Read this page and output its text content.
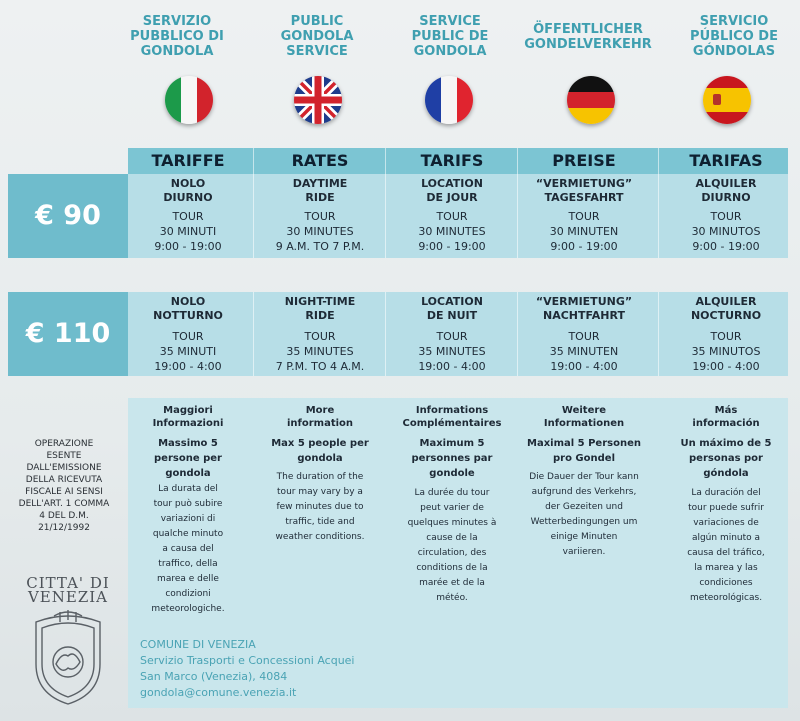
SERVIZIO
PUBBLICO DI
GONDOLA
PUBLIC
GONDOLA
SERVICE
SERVICE
PUBLIC DE
GONDOLA
ÖFFENTLICHER
GONDELVERKEHR
SERVICIO
PÚBLICO DE
GÓNDOLAS
€ 90
€ 110
TARIFFE
NOLO
DIURNO
TOUR
30 MINUTI
9:00 - 19:00
NOLO
NOTTURNO
TOUR
35 MINUTI
19:00 - 4:00
Maggiori
Informazioni
Massimo 5
persone per
gondola
La durata del
tour può subire
variazioni di
qualche minuto
a causa del
traffico, della
marea e delle
condizioni
meteorologiche.
RATES
DAYTIME
RIDE
TOUR
30 MINUTES
9 A.M. TO 7 P.M.
NIGHT-TIME
RIDE
TOUR
35 MINUTES
7 P.M. TO 4 A.M.
More
information
Max 5 people per
gondola
The duration of the
tour may vary by a
few minutes due to
traffic, tide and
weather conditions.
TARIFS
LOCATION
DE JOUR
TOUR
30 MINUTES
9:00 - 19:00
LOCATION
DE NUIT
TOUR
35 MINUTES
19:00 - 4:00
Informations
Complémentaires
Maximum 5
personnes par
gondole
La durée du tour
peut varier de
quelques minutes à
cause de la
circulation, des
conditions de la
marée et de la
météo.
PREISE
“VERMIETUNG”
TAGESFAHRT
TOUR
30 MINUTEN
9:00 - 19:00
“VERMIETUNG”
NACHTFAHRT
TOUR
35 MINUTEN
19:00 - 4:00
Weitere
Informationen
Maximal 5 Personen
pro Gondel
Die Dauer der Tour kann
aufgrund des Verkehrs,
der Gezeiten und
Wetterbedingungen um
einige Minuten
variieren.
TARIFAS
ALQUILER
DIURNO
TOUR
30 MINUTOS
9:00 - 19:00
ALQUILER
NOCTURNO
TOUR
35 MINUTOS
19:00 - 4:00
Más
información
Un máximo de 5
personas por
góndola
La duración del
tour puede sufrir
variaciones de
algún minuto a
causa del tráfico,
la marea y las
condiciones
meteorológicas.
OPERAZIONE
ESENTE
DALL'EMISSIONE
DELLA RICEVUTA
FISCALE AI SENSI
DELL'ART. 1 COMMA
4 DEL D.M.
21/12/1992
CITTA' DI
VENEZIA
COMUNE DI VENEZIA
Servizio Trasporti e Concessioni Acquei
San Marco (Venezia), 4084
gondola@comune.venezia.it
